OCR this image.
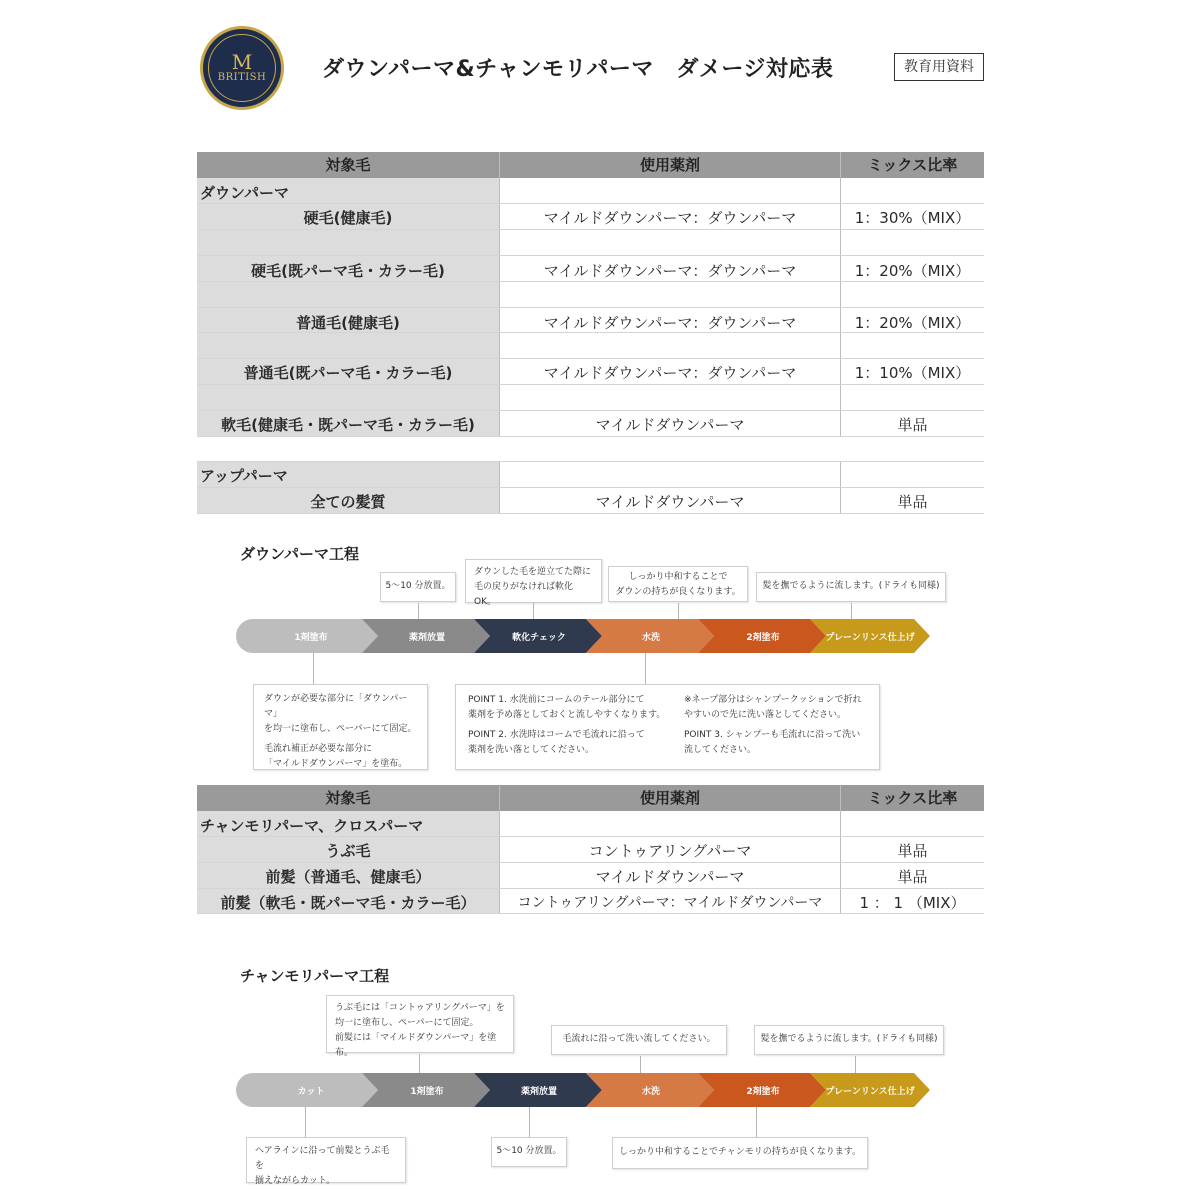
M
BRITISH	ダウンパーマ&チャンモリパーマ　ダメージ対応表	教育用資料
対象毛	使用薬剤	ミックス比率
ダウンパーマ
硬毛(健康毛)	マイルドダウンパーマ：ダウンパーマ	1：30%（MIX）
硬毛(既パーマ毛・カラー毛)	マイルドダウンパーマ：ダウンパーマ	1：20%（MIX）
普通毛(健康毛)	マイルドダウンパーマ：ダウンパーマ	1：20%（MIX）
普通毛(既パーマ毛・カラー毛)	マイルドダウンパーマ：ダウンパーマ	1：10%（MIX）
軟毛(健康毛・既パーマ毛・カラー毛)	マイルドダウンパーマ	単品
アップパーマ
全ての髪質	マイルドダウンパーマ	単品
ダウンパーマ工程
5〜10 分放置。
ダウンした毛を逆立てた際に
毛の戻りがなければ軟化 OK。
しっかり中和することで
ダウンの持ちが良くなります。
髪を撫でるように流します。(ドライも同様)
1剤塗布	薬剤放置	軟化チェック	水洗	2剤塗布	プレーンリンス仕上げ
ダウンが必要な部分に「ダウンパーマ」
を均一に塗布し、ペーパーにて固定。
毛流れ補正が必要な部分に
「マイルドダウンパーマ」を塗布。
POINT 1. 水洗前にコームのテール部分にて
薬剤を予め落としておくと流しやすくなります。
POINT 2. 水洗時はコームで毛流れに沿って
薬剤を洗い落としてください。
※ネープ部分はシャンプークッションで折れ
やすいので先に洗い落としてください。
POINT 3. シャンプーも毛流れに沿って洗い
流してください。
対象毛	使用薬剤	ミックス比率
チャンモリパーマ、クロスパーマ
うぶ毛	コントゥアリングパーマ	単品
前髪（普通毛、健康毛）	マイルドダウンパーマ	単品
前髪（軟毛・既パーマ毛・カラー毛）	コントゥアリングパーマ：マイルドダウンパーマ	1 ： 1 （MIX）
チャンモリパーマ工程
うぶ毛には「コントゥアリングパーマ」を
均一に塗布し、ペーパーにて固定。
前髪には「マイルドダウンパーマ」を塗布。
毛流れに沿って洗い流してください。	髪を撫でるように流します。(ドライも同様)
カット	1剤塗布	薬剤放置	水洗	2剤塗布	プレーンリンス仕上げ
ヘアラインに沿って前髪とうぶ毛を
揃えながらカット。
5〜10 分放置。	しっかり中和することでチャンモリの持ちが良くなります。
